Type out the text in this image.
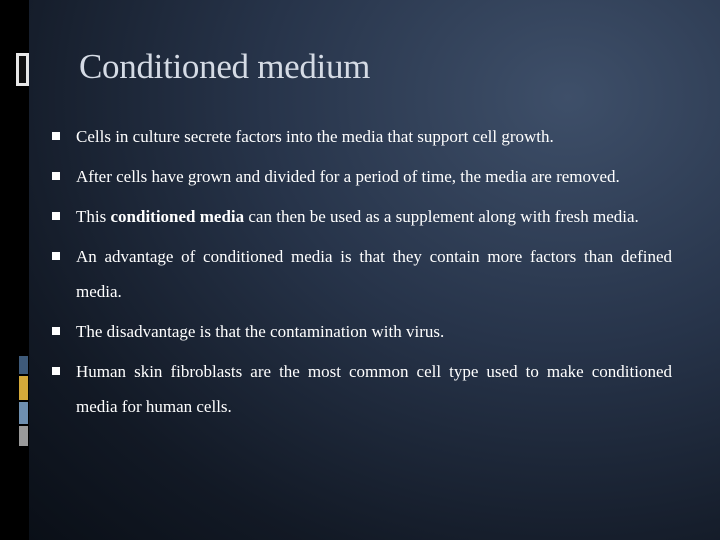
Conditioned medium
Cells in culture secrete factors into the media that support cell growth.
After cells have grown and divided for a period of time, the media are removed.
This conditioned media can then be used as a supplement along with fresh media.
An advantage of conditioned media is that they contain more factors than defined media.
The disadvantage is that the contamination with virus.
Human skin fibroblasts are the most common cell type used to make conditioned media for human cells.
